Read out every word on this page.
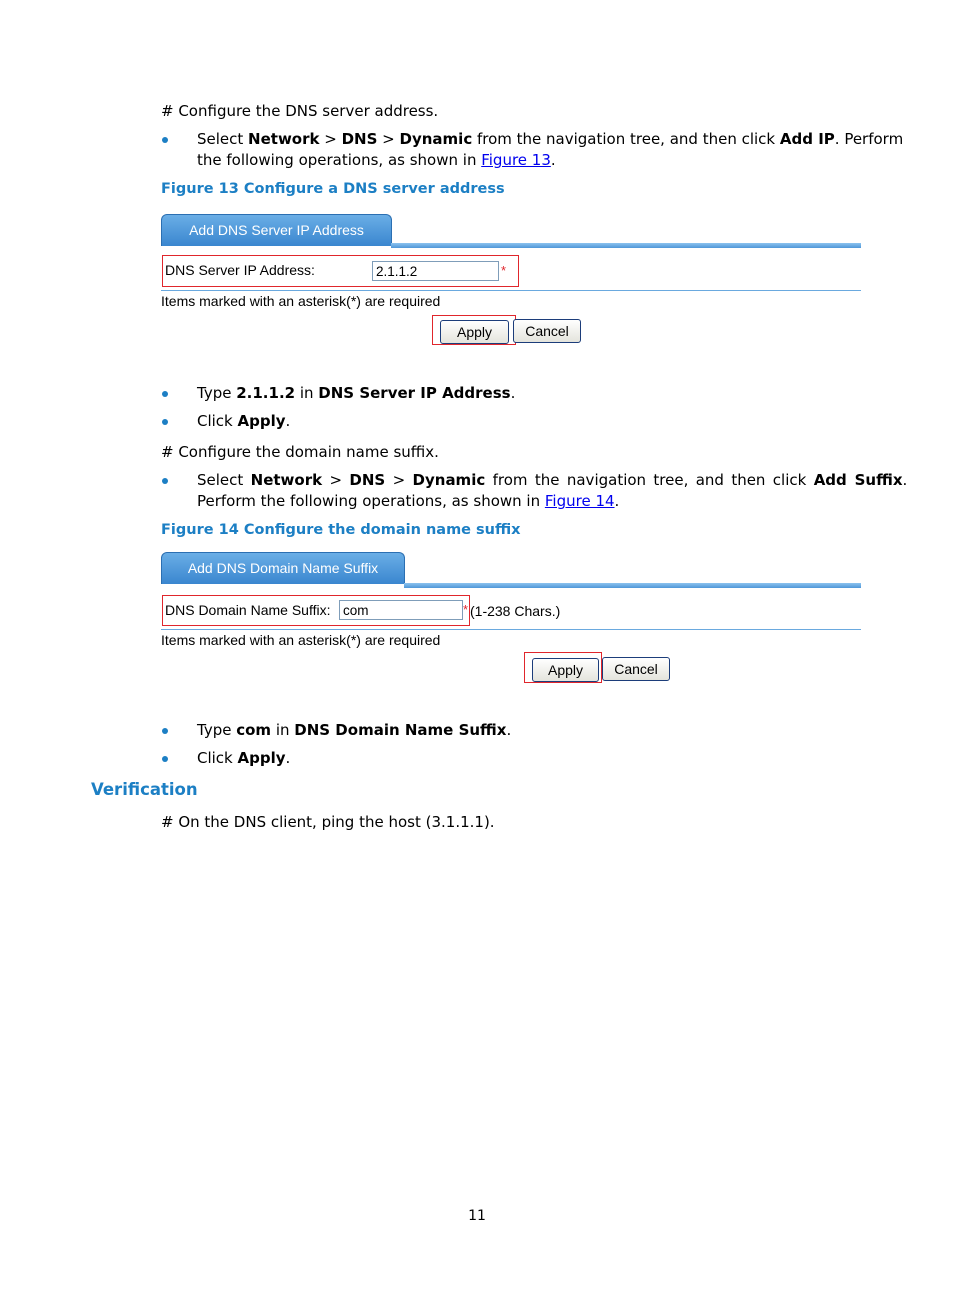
# Configure the DNS server address.
Select Network > DNS > Dynamic from the navigation tree, and then click Add IP. Perform
the following operations, as shown in Figure 13.
Figure 13 Configure a DNS server address
Add DNS Server IP Address
DNS Server IP Address:	2.1.1.2	*
Items marked with an asterisk(*) are required
Apply	Cancel
Type 2.1.1.2 in DNS Server IP Address.
Click Apply.
# Configure the domain name suffix.
Select Network > DNS > Dynamic from the navigation tree, and then click Add Suffix.
Perform the following operations, as shown in Figure 14.
Figure 14 Configure the domain name suffix
Add DNS Domain Name Suffix
DNS Domain Name Suffix: com	* (1-238 Chars.)
Items marked with an asterisk(*) are required
Apply	Cancel
Type com in DNS Domain Name Suffix.
Click Apply.
Verification
# On the DNS client, ping the host (3.1.1.1).
11
